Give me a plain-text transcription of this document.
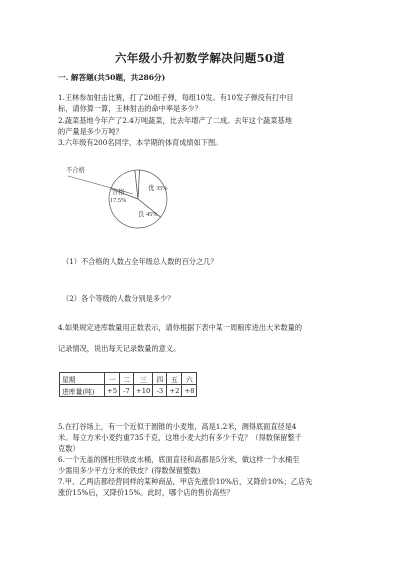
六年级小升初数学解决问题50道
一. 解答题(共50题，共286分)
1.王林参加射击比赛，打了20组子弹，每组10发。有10发子弹没有打中目
标，请你算一算，王林射击的命中率是多少？
2.蔬菜基地今年产了2.4万吨蔬菜，比去年增产了二成。去年这个蔬菜基地
的产量是多少万吨？
3.六年级有200名同学，本学期的体育成绩如下图。
不合格
合格
17.5%
优 35%
良 45%
（1）不合格的人数占全年级总人数的百分之几？
（2）各个等级的人数分别是多少？
4.如果规定进库数量用正数表示，请你根据下表中某一周粮库进出大米数量的
记录情况，说出每天记录数量的意义。
星期	一	二	三	四	五	六
进库量(吨)	+5	-7	+10	-3	+2	+8
5.在打谷场上，有一个近似于圆锥的小麦堆，高是1.2米，测得底面直径是4
米。每立方米小麦约重735千克，这堆小麦大约有多少千克？（得数保留整千
克数）
6.一个无盖的圆柱形铁皮水桶，底面直径和高都是5分米，做这样一个水桶至
少需用多少平方分米的铁皮？(得数保留整数)
7.甲、乙两店都经营同样的某种商品，甲店先涨价10%后，又降价10%；乙店先
涨价15%后，又降价15%。此时，哪个店的售价高些？
